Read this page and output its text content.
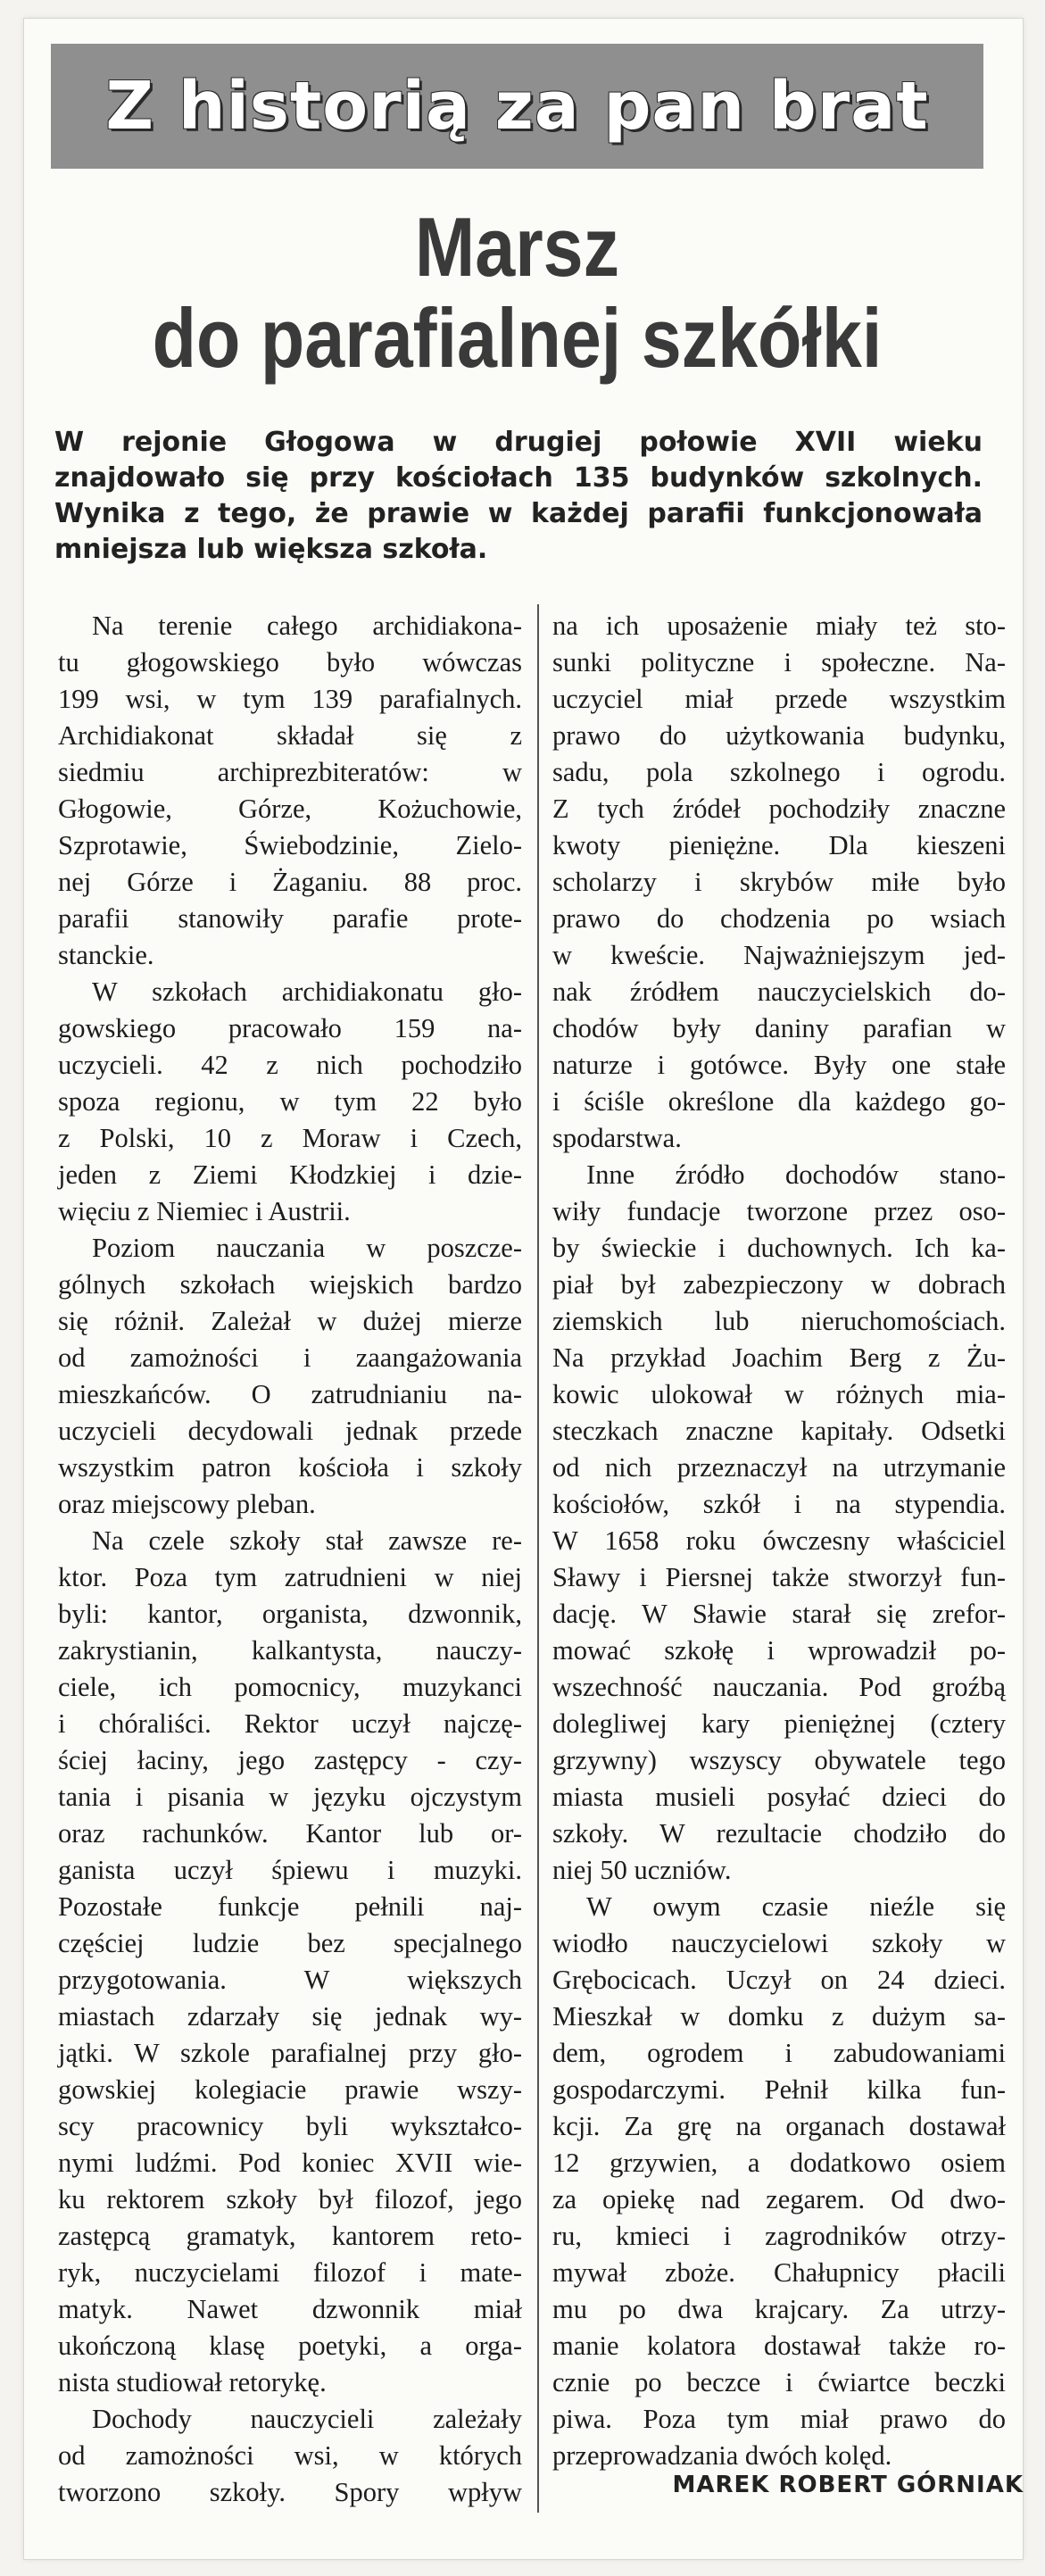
Z historią za pan brat
Marsz
do parafialnej szkółki
W rejonie Głogowa w drugiej połowie XVII wieku
znajdowało się przy kościołach 135 budynków szkolnych.
Wynika z tego, że prawie w każdej parafii funkcjonowała
mniejsza lub większa szkoła.
Na terenie całego archidiakona-
tu głogowskiego było wówczas
199 wsi, w tym 139 parafialnych.
Archidiakonat składał się z
siedmiu archiprezbiteratów: w
Głogowie, Górze, Kożuchowie,
Szprotawie, Świebodzinie, Zielo-
nej Górze i Żaganiu. 88 proc.
parafii stanowiły parafie prote-
stanckie.
W szkołach archidiakonatu gło-
gowskiego pracowało 159 na-
uczycieli. 42 z nich pochodziło
spoza regionu, w tym 22 było
z Polski, 10 z Moraw i Czech,
jeden z Ziemi Kłodzkiej i dzie-
więciu z Niemiec i Austrii.
Poziom nauczania w poszcze-
gólnych szkołach wiejskich bardzo
się różnił. Zależał w dużej mierze
od zamożności i zaangażowania
mieszkańców. O zatrudnianiu na-
uczycieli decydowali jednak przede
wszystkim patron kościoła i szkoły
oraz miejscowy pleban.
Na czele szkoły stał zawsze re-
ktor. Poza tym zatrudnieni w niej
byli: kantor, organista, dzwonnik,
zakrystianin, kalkantysta, nauczy-
ciele, ich pomocnicy, muzykanci
i chóraliści. Rektor uczył najczę-
ściej łaciny, jego zastępcy - czy-
tania i pisania w języku ojczystym
oraz rachunków. Kantor lub or-
ganista uczył śpiewu i muzyki.
Pozostałe funkcje pełnili naj-
częściej ludzie bez specjalnego
przygotowania. W większych
miastach zdarzały się jednak wy-
jątki. W szkole parafialnej przy gło-
gowskiej kolegiacie prawie wszy-
scy pracownicy byli wykształco-
nymi ludźmi. Pod koniec XVII wie-
ku rektorem szkoły był filozof, jego
zastępcą gramatyk, kantorem reto-
ryk, nuczycielami filozof i mate-
matyk. Nawet dzwonnik miał
ukończoną klasę poetyki, a orga-
nista studiował retorykę.
Dochody nauczycieli zależały
od zamożności wsi, w których
tworzono szkoły. Spory wpływ
na ich uposażenie miały też sto-
sunki polityczne i społeczne. Na-
uczyciel miał przede wszystkim
prawo do użytkowania budynku,
sadu, pola szkolnego i ogrodu.
Z tych źródeł pochodziły znaczne
kwoty pieniężne. Dla kieszeni
scholarzy i skrybów miłe było
prawo do chodzenia po wsiach
w kweście. Najważniejszym jed-
nak źródłem nauczycielskich do-
chodów były daniny parafian w
naturze i gotówce. Były one stałe
i ściśle określone dla każdego go-
spodarstwa.
Inne źródło dochodów stano-
wiły fundacje tworzone przez oso-
by świeckie i duchownych. Ich ka-
piał był zabezpieczony w dobrach
ziemskich lub nieruchomościach.
Na przykład Joachim Berg z Żu-
kowic ulokował w różnych mia-
steczkach znaczne kapitały. Odsetki
od nich przeznaczył na utrzymanie
kościołów, szkół i na stypendia.
W 1658 roku ówczesny właściciel
Sławy i Piersnej także stworzył fun-
dację. W Sławie starał się zrefor-
mować szkołę i wprowadził po-
wszechność nauczania. Pod groźbą
dolegliwej kary pieniężnej (cztery
grzywny) wszyscy obywatele tego
miasta musieli posyłać dzieci do
szkoły. W rezultacie chodziło do
niej 50 uczniów.
W owym czasie nieźle się
wiodło nauczycielowi szkoły w
Grębocicach. Uczył on 24 dzieci.
Mieszkał w domku z dużym sa-
dem, ogrodem i zabudowaniami
gospodarczymi. Pełnił kilka fun-
kcji. Za grę na organach dostawał
12 grzywien, a dodatkowo osiem
za opiekę nad zegarem. Od dwo-
ru, kmieci i zagrodników otrzy-
mywał zboże. Chałupnicy płacili
mu po dwa krajcary. Za utrzy-
manie kolatora dostawał także ro-
cznie po beczce i ćwiartce beczki
piwa. Poza tym miał prawo do
przeprowadzania dwóch kolęd.
MAREK ROBERT GÓRNIAK
